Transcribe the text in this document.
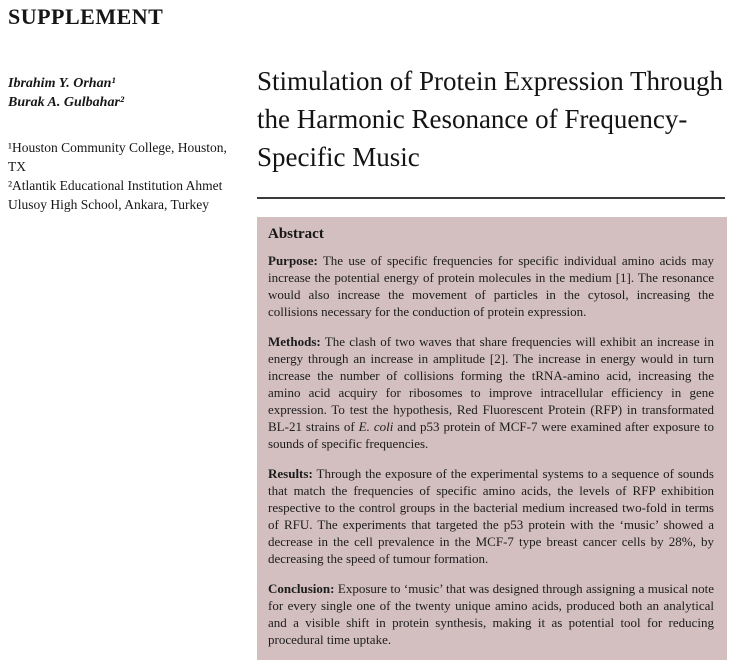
SUPPLEMENT
Ibrahim Y. Orhan¹
Burak A. Gulbahar²
¹Houston Community College, Houston, TX
²Atlantik Educational Institution Ahmet Ulusoy High School, Ankara, Turkey
Stimulation of Protein Expression Through the Harmonic Resonance of Frequency-Specific Music
Abstract

Purpose: The use of specific frequencies for specific individual amino acids may increase the potential energy of protein molecules in the medium [1]. The resonance would also increase the movement of particles in the cytosol, increasing the collisions necessary for the conduction of protein expression.

Methods: The clash of two waves that share frequencies will exhibit an increase in energy through an increase in amplitude [2]. The increase in energy would in turn increase the number of collisions forming the tRNA-amino acid, increasing the amino acid acquiry for ribosomes to improve intracellular efficiency in gene expression. To test the hypothesis, Red Fluorescent Protein (RFP) in transformated BL-21 strains of E. coli and p53 protein of MCF-7 were examined after exposure to sounds of specific frequencies.

Results: Through the exposure of the experimental systems to a sequence of sounds that match the frequencies of specific amino acids, the levels of RFP exhibition respective to the control groups in the bacterial medium increased two-fold in terms of RFU. The experiments that targeted the p53 protein with the ‘music’ showed a decrease in the cell prevalence in the MCF-7 type breast cancer cells by 28%, by decreasing the speed of tumour formation.

Conclusion: Exposure to ‘music’ that was designed through assigning a musical note for every single one of the twenty unique amino acids, produced both an analytical and a visible shift in protein synthesis, making it as potential tool for reducing procedural time uptake.
